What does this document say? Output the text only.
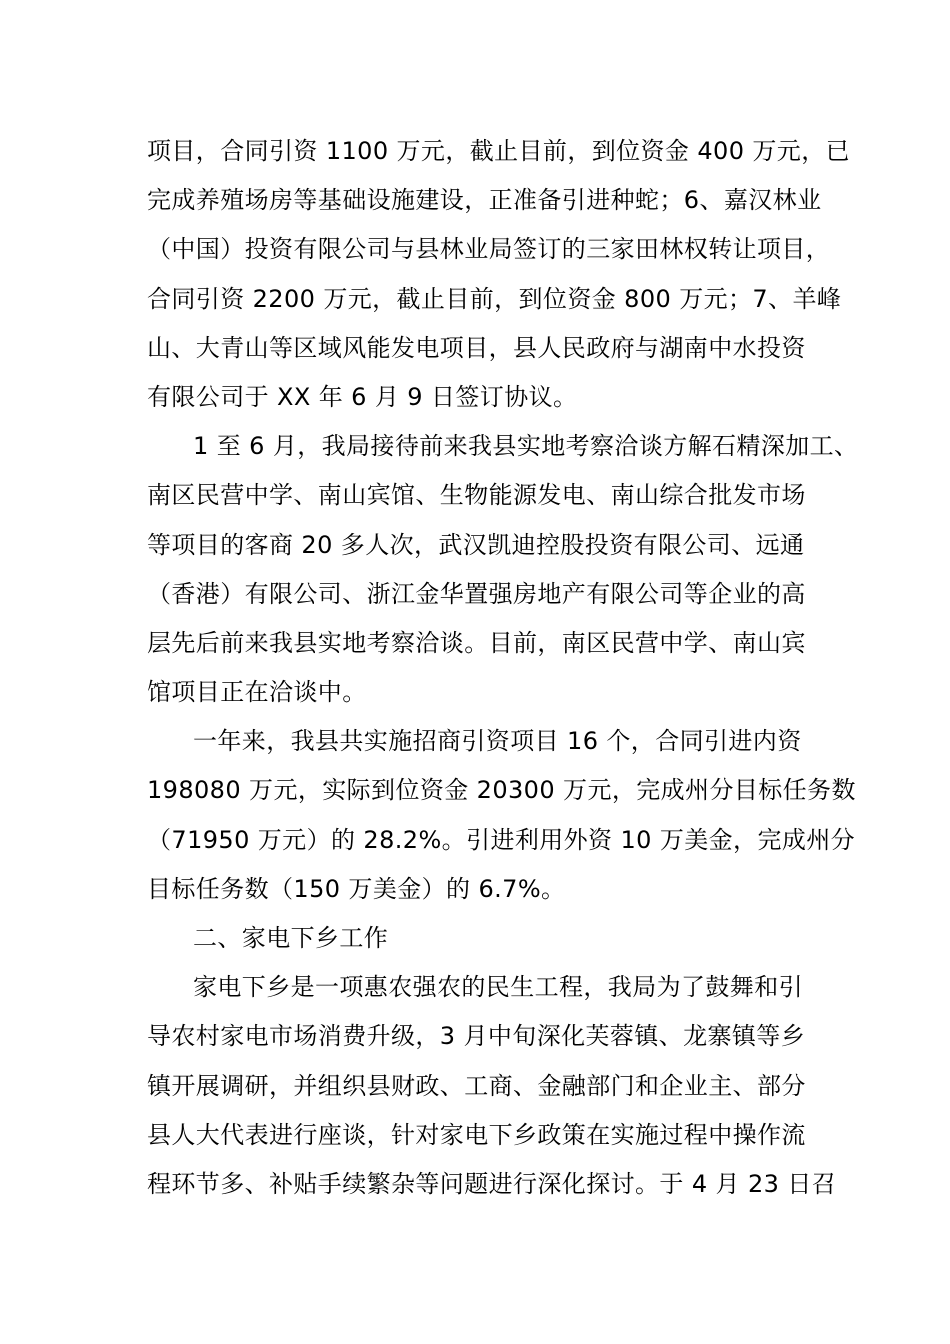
项目，合同引资 1100 万元，截止目前，到位资金 400 万元，已
完成养殖场房等基础设施建设，正准备引进种蛇；6、嘉汉林业
（中国）投资有限公司与县林业局签订的三家田林权转让项目，
合同引资 2200 万元，截止目前，到位资金 800 万元；7、羊峰
山、大青山等区域风能发电项目，县人民政府与湖南中水投资
有限公司于 XX 年 6 月 9 日签订协议。
1 至 6 月，我局接待前来我县实地考察洽谈方解石精深加工、
南区民营中学、南山宾馆、生物能源发电、南山综合批发市场
等项目的客商 20 多人次，武汉凯迪控股投资有限公司、远通
（香港）有限公司、浙江金华置强房地产有限公司等企业的高
层先后前来我县实地考察洽谈。目前，南区民营中学、南山宾
馆项目正在洽谈中。
一年来，我县共实施招商引资项目 16 个，合同引进内资
198080 万元，实际到位资金 20300 万元，完成州分目标任务数
（71950 万元）的 28.2%。引进利用外资 10 万美金，完成州分
目标任务数（150 万美金）的 6.7%。
二、家电下乡工作
家电下乡是一项惠农强农的民生工程，我局为了鼓舞和引
导农村家电市场消费升级，3 月中旬深化芙蓉镇、龙寨镇等乡
镇开展调研，并组织县财政、工商、金融部门和企业主、部分
县人大代表进行座谈，针对家电下乡政策在实施过程中操作流
程环节多、补贴手续繁杂等问题进行深化探讨。于 4 月 23 日召
